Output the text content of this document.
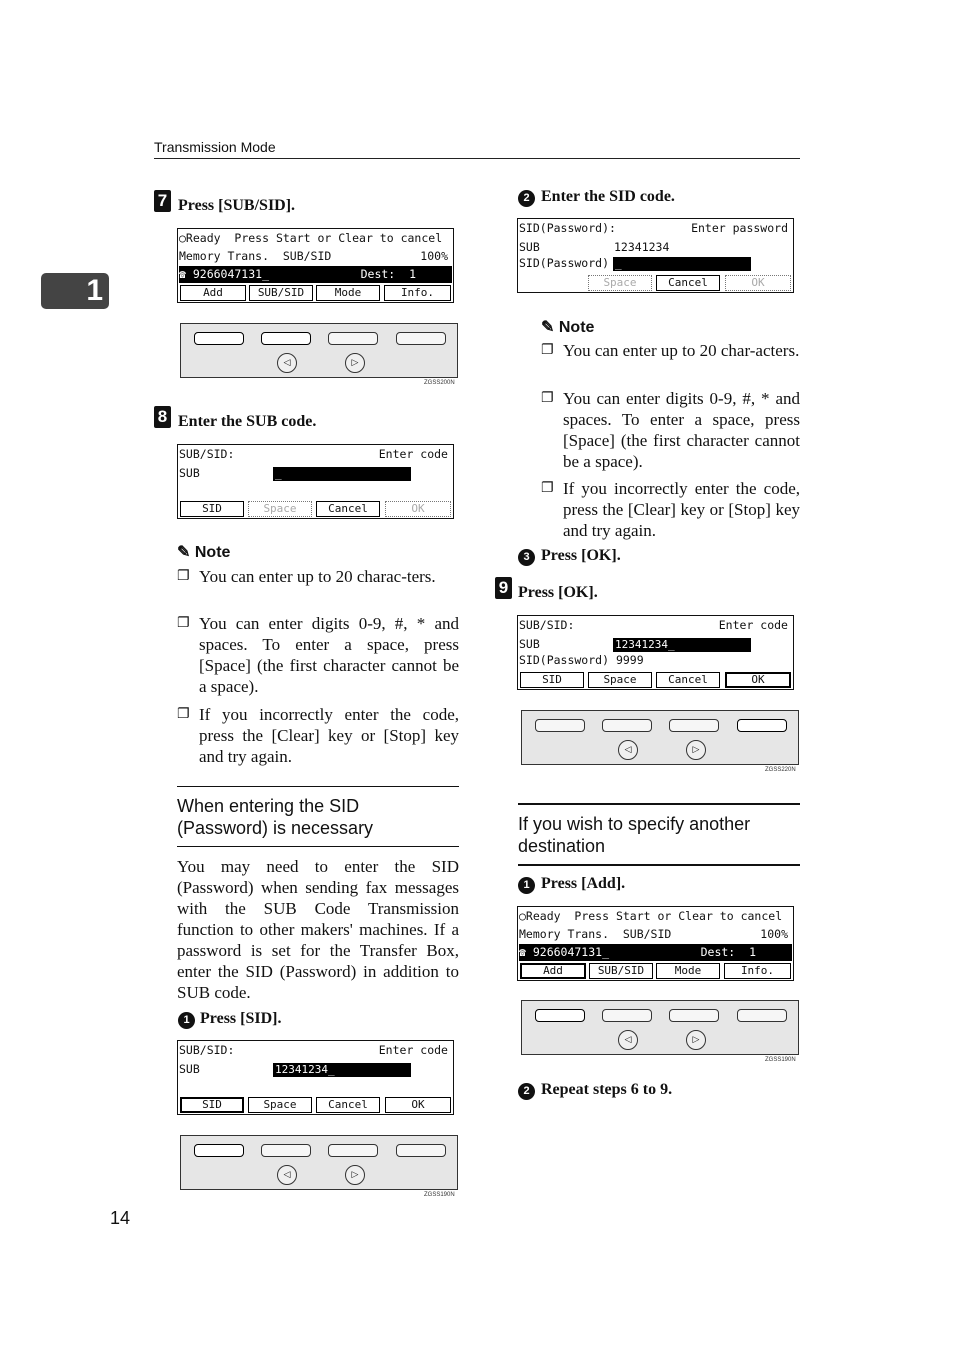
Transmission Mode
1
7 Press [SUB/SID].
○Ready Press Start or Clear to cancel
Memory Trans.  SUB/SID	100%
☎ 9266047131_	Dest:  1
Add	SUB/SID	Mode	Info.
◁	▷
ZGSS200N
8 Enter the SUB code.
SUB/SID:	Enter code
SUB	_
SID	Space	Cancel	OK
✎ Note
❐ You can enter up to 20 charac-ters.
❐ You can enter digits 0-9, #, * and spaces. To enter a space, press [Space] (the first character cannot be a space).
❐ If you incorrectly enter the code, press the [Clear] key or [Stop] key and try again.
When entering the SID
(Password) is necessary
You may need to enter the SID (Password) when sending fax messages with the SUB Code Transmission function to other makers' machines. If a password is set for the Transfer Box, enter the SID (Password) in addition to SUB code.
1 Press [SID].
SUB/SID:	Enter code
SUB	12341234_
SID	Space	Cancel	OK
◁	▷
ZGSS190N
14
2 Enter the SID code.
SID(Password):	Enter password
SUB	12341234
SID(Password) _
Space	Cancel	OK
✎ Note
❐ You can enter up to 20 char-acters.
❐ You can enter digits 0-9, #, * and spaces. To enter a space, press [Space] (the first character cannot be a space).
❐ If you incorrectly enter the code, press the [Clear] key or [Stop] key and try again.
3 Press [OK].
9 Press [OK].
SUB/SID:	Enter code
SUB	12341234_
SID(Password) 9999
SID	Space	Cancel	OK
◁	▷
ZGSS220N
If you wish to specify another
destination
1 Press [Add].
○Ready Press Start or Clear to cancel
Memory Trans.  SUB/SID	100%
☎ 9266047131_	Dest:  1
Add	SUB/SID	Mode	Info.
◁	▷
ZGSS190N
2 Repeat steps 6 to 9.
